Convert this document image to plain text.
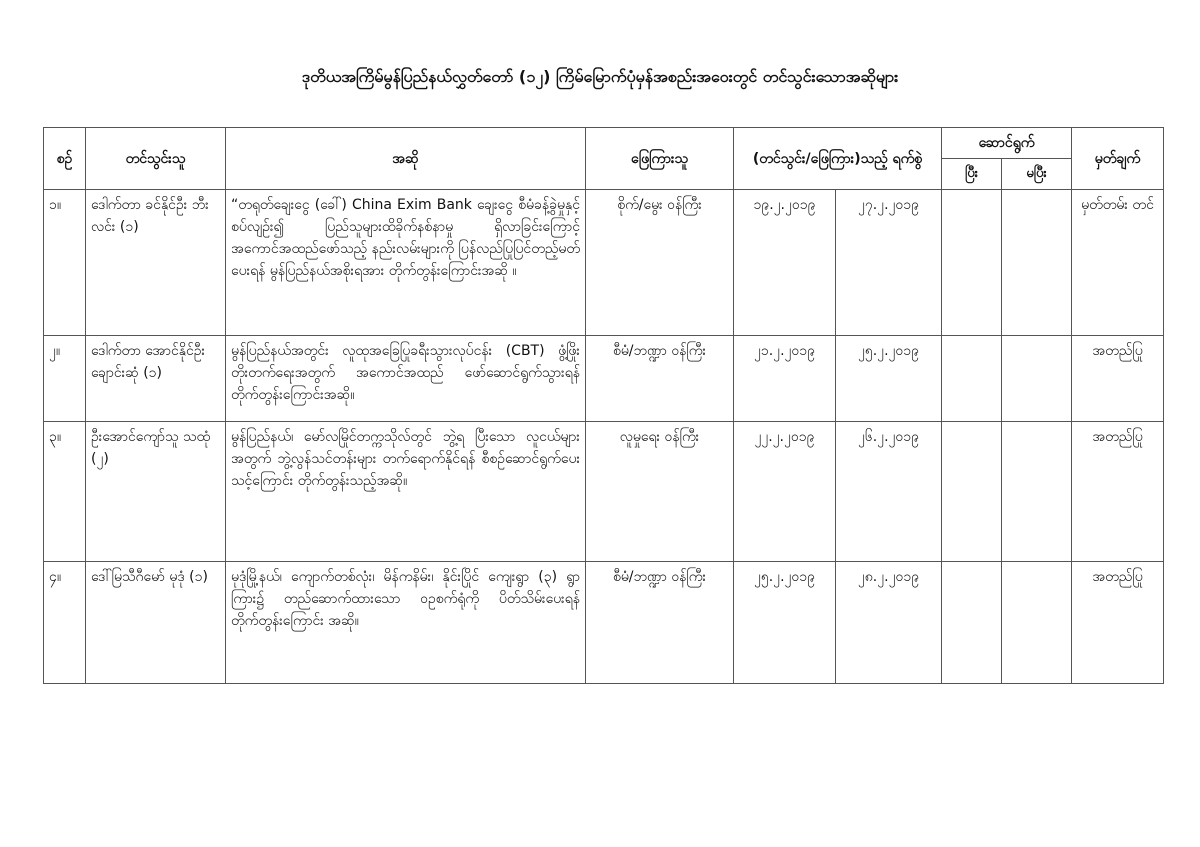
ဒုတိယအကြိမ်မွန်ပြည်နယ်လွှတ်တော် (၁၂) ကြိမ်မြောက်ပုံမှန်အစည်းအဝေးတွင် တင်သွင်းသောအဆိုများ
စဉ်	တင်သွင်းသူ	အဆို	ဖြေကြားသူ	(တင်သွင်း/ဖြေကြား)သည့် ရက်စွဲ		ဆောင်ရွက်		မှတ်ချက်
						ပြီး	မပြီး	
၁။	ဒေါက်တာ ခင်နိုင်ဦး ဘီးလင်း (၁)	“တရုတ်ချေးငွေ (ခေါ်) China Exim Bank ချေးငွေ စီမံခန့်ခွဲမှုနှင့်စပ်လျဉ်း၍ ပြည်သူများထိခိုက်နစ်နာမှု ရှိလာခြင်းကြောင့် အကောင်အထည်ဖော်သည့် နည်းလမ်းများကို ပြန်လည်ပြုပြင်တည့်မတ်ပေးရန် မွန်ပြည်နယ်အစိုးရအား တိုက်တွန်းကြောင်းအဆို ။	စိုက်/မွေး ဝန်ကြီး	၁၉.၂.၂၀၁၉	၂၇.၂.၂၀၁၉			မှတ်တမ်း တင်
၂။	ဒေါက်တာ အောင်နိုင်ဦး ချောင်းဆုံ (၁)	မွန်ပြည်နယ်အတွင်း လူထုအခြေပြုခရီးသွားလုပ်ငန်း (CBT) ဖွံ့ဖြိုးတိုးတက်ရေးအတွက် အကောင်အထည် ဖော်ဆောင်ရွက်သွားရန် တိုက်တွန်းကြောင်းအဆို။	စီမံ/ဘဏ္ဍာ ဝန်ကြီး	၂၁.၂.၂၀၁၉	၂၅.၂.၂၀၁၉			အတည်ပြု
၃။	ဦးအောင်ကျော်သူ သထုံ (၂)	မွန်ပြည်နယ်၊ မော်လမြိုင်တက္ကသိုလ်တွင် ဘွဲ့ရ ပြီးသော လူငယ်များအတွက် ဘွဲ့လွန်သင်တန်းများ တက်ရောက်နိုင်ရန် စီစဉ်ဆောင်ရွက်ပေးသင့်ကြောင်း တိုက်တွန်းသည့်အဆို။	လူမှုရေး ဝန်ကြီး	၂၂.၂.၂၀၁၉	၂၆.၂.၂၀၁၉			အတည်ပြု
၄။	ဒေါ်မြသီဂီမော် မုဒုံ (၁)	မုဒုံမြို့နယ်၊ ကျောက်တစ်လုံး၊ မိန်ကနိမ်း၊ နိုင်းပြိုင် ကျေးရွာ (၃) ရွာကြား၌ တည်ဆောက်ထားသော ဝဥစက်ရုံကို ပိတ်သိမ်းပေးရန် တိုက်တွန်းကြောင်း အဆို။	စီမံ/ဘဏ္ဍာ ဝန်ကြီး	၂၅.၂.၂၀၁၉	၂၈.၂.၂၀၁၉			အတည်ပြု
